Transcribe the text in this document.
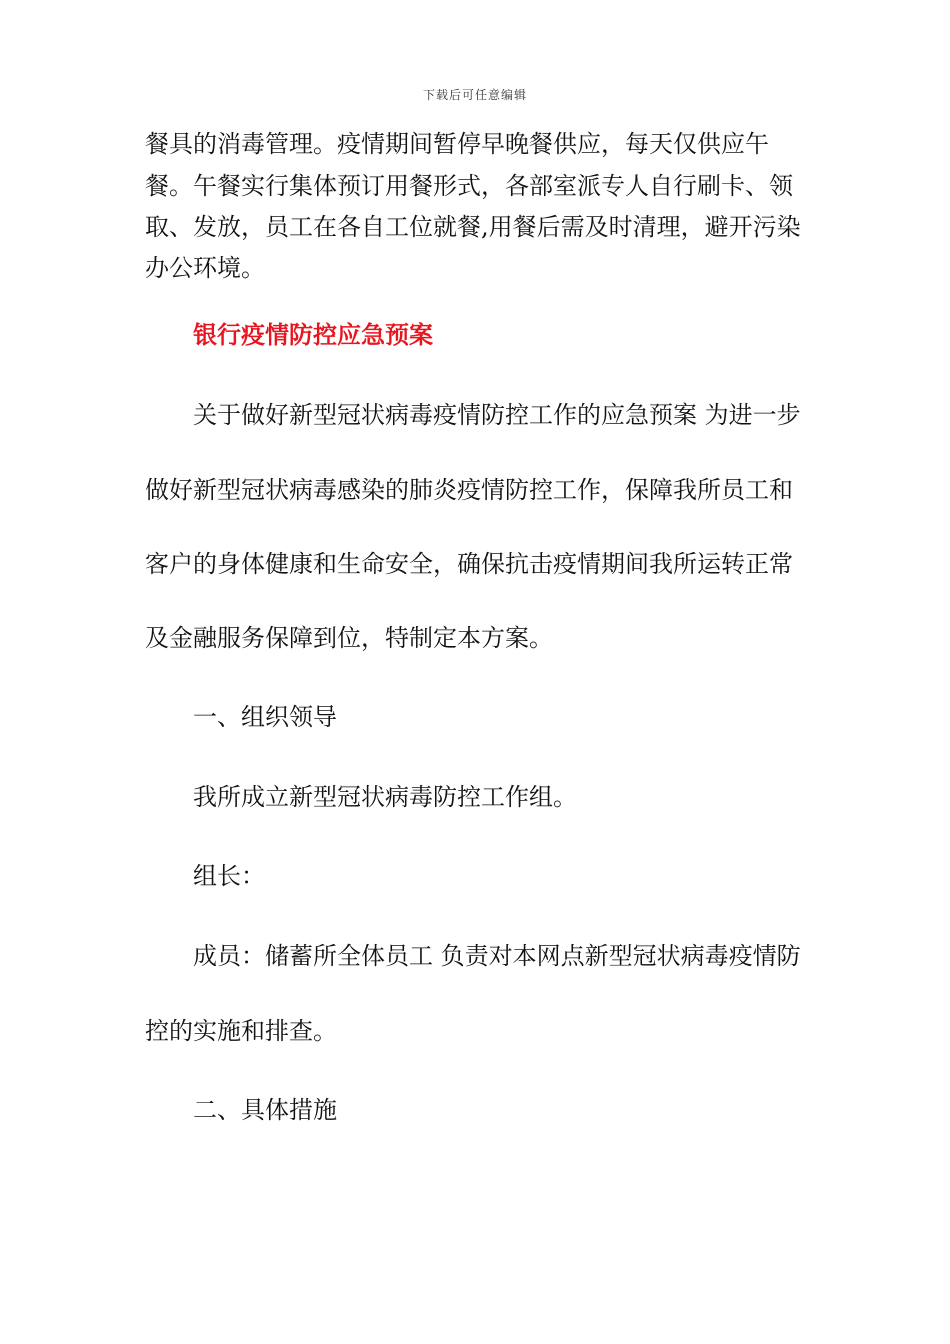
下载后可任意编辑
餐具的消毒管理。疫情期间暂停早晚餐供应，每天仅供应午
餐。午餐实行集体预订用餐形式，各部室派专人自行刷卡、领
取、发放，员工在各自工位就餐,用餐后需及时清理，避开污染
办公环境。
银行疫情防控应急预案
关于做好新型冠状病毒疫情防控工作的应急预案 为进一步
做好新型冠状病毒感染的肺炎疫情防控工作，保障我所员工和
客户的身体健康和生命安全，确保抗击疫情期间我所运转正常
及金融服务保障到位，特制定本方案。
一、组织领导
我所成立新型冠状病毒防控工作组。
组长：
成员：储蓄所全体员工 负责对本网点新型冠状病毒疫情防
控的实施和排查。
二、具体措施
